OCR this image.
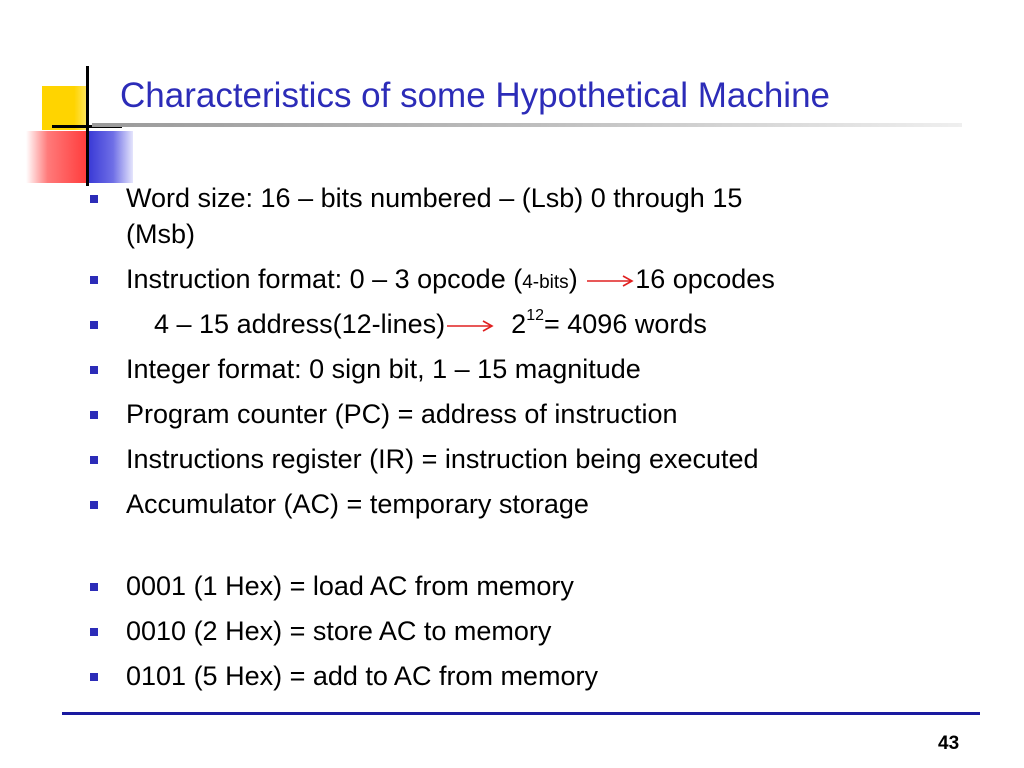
Characteristics of some Hypothetical Machine
Word size: 16 – bits numbered – (Lsb) 0 through 15
(Msb)
Instruction format: 0 – 3 opcode (4-bits) 16 opcodes
4 – 15 address(12-lines) $2^{12}= 4096$ words
Integer format: 0 sign bit, 1 – 15 magnitude
Program counter (PC) = address of instruction
Instructions register (IR) = instruction being executed
Accumulator (AC) = temporary storage
0001 (1 Hex) = load AC from memory
0010 (2 Hex) = store AC to memory
0101 (5 Hex) = add to AC from memory
43
